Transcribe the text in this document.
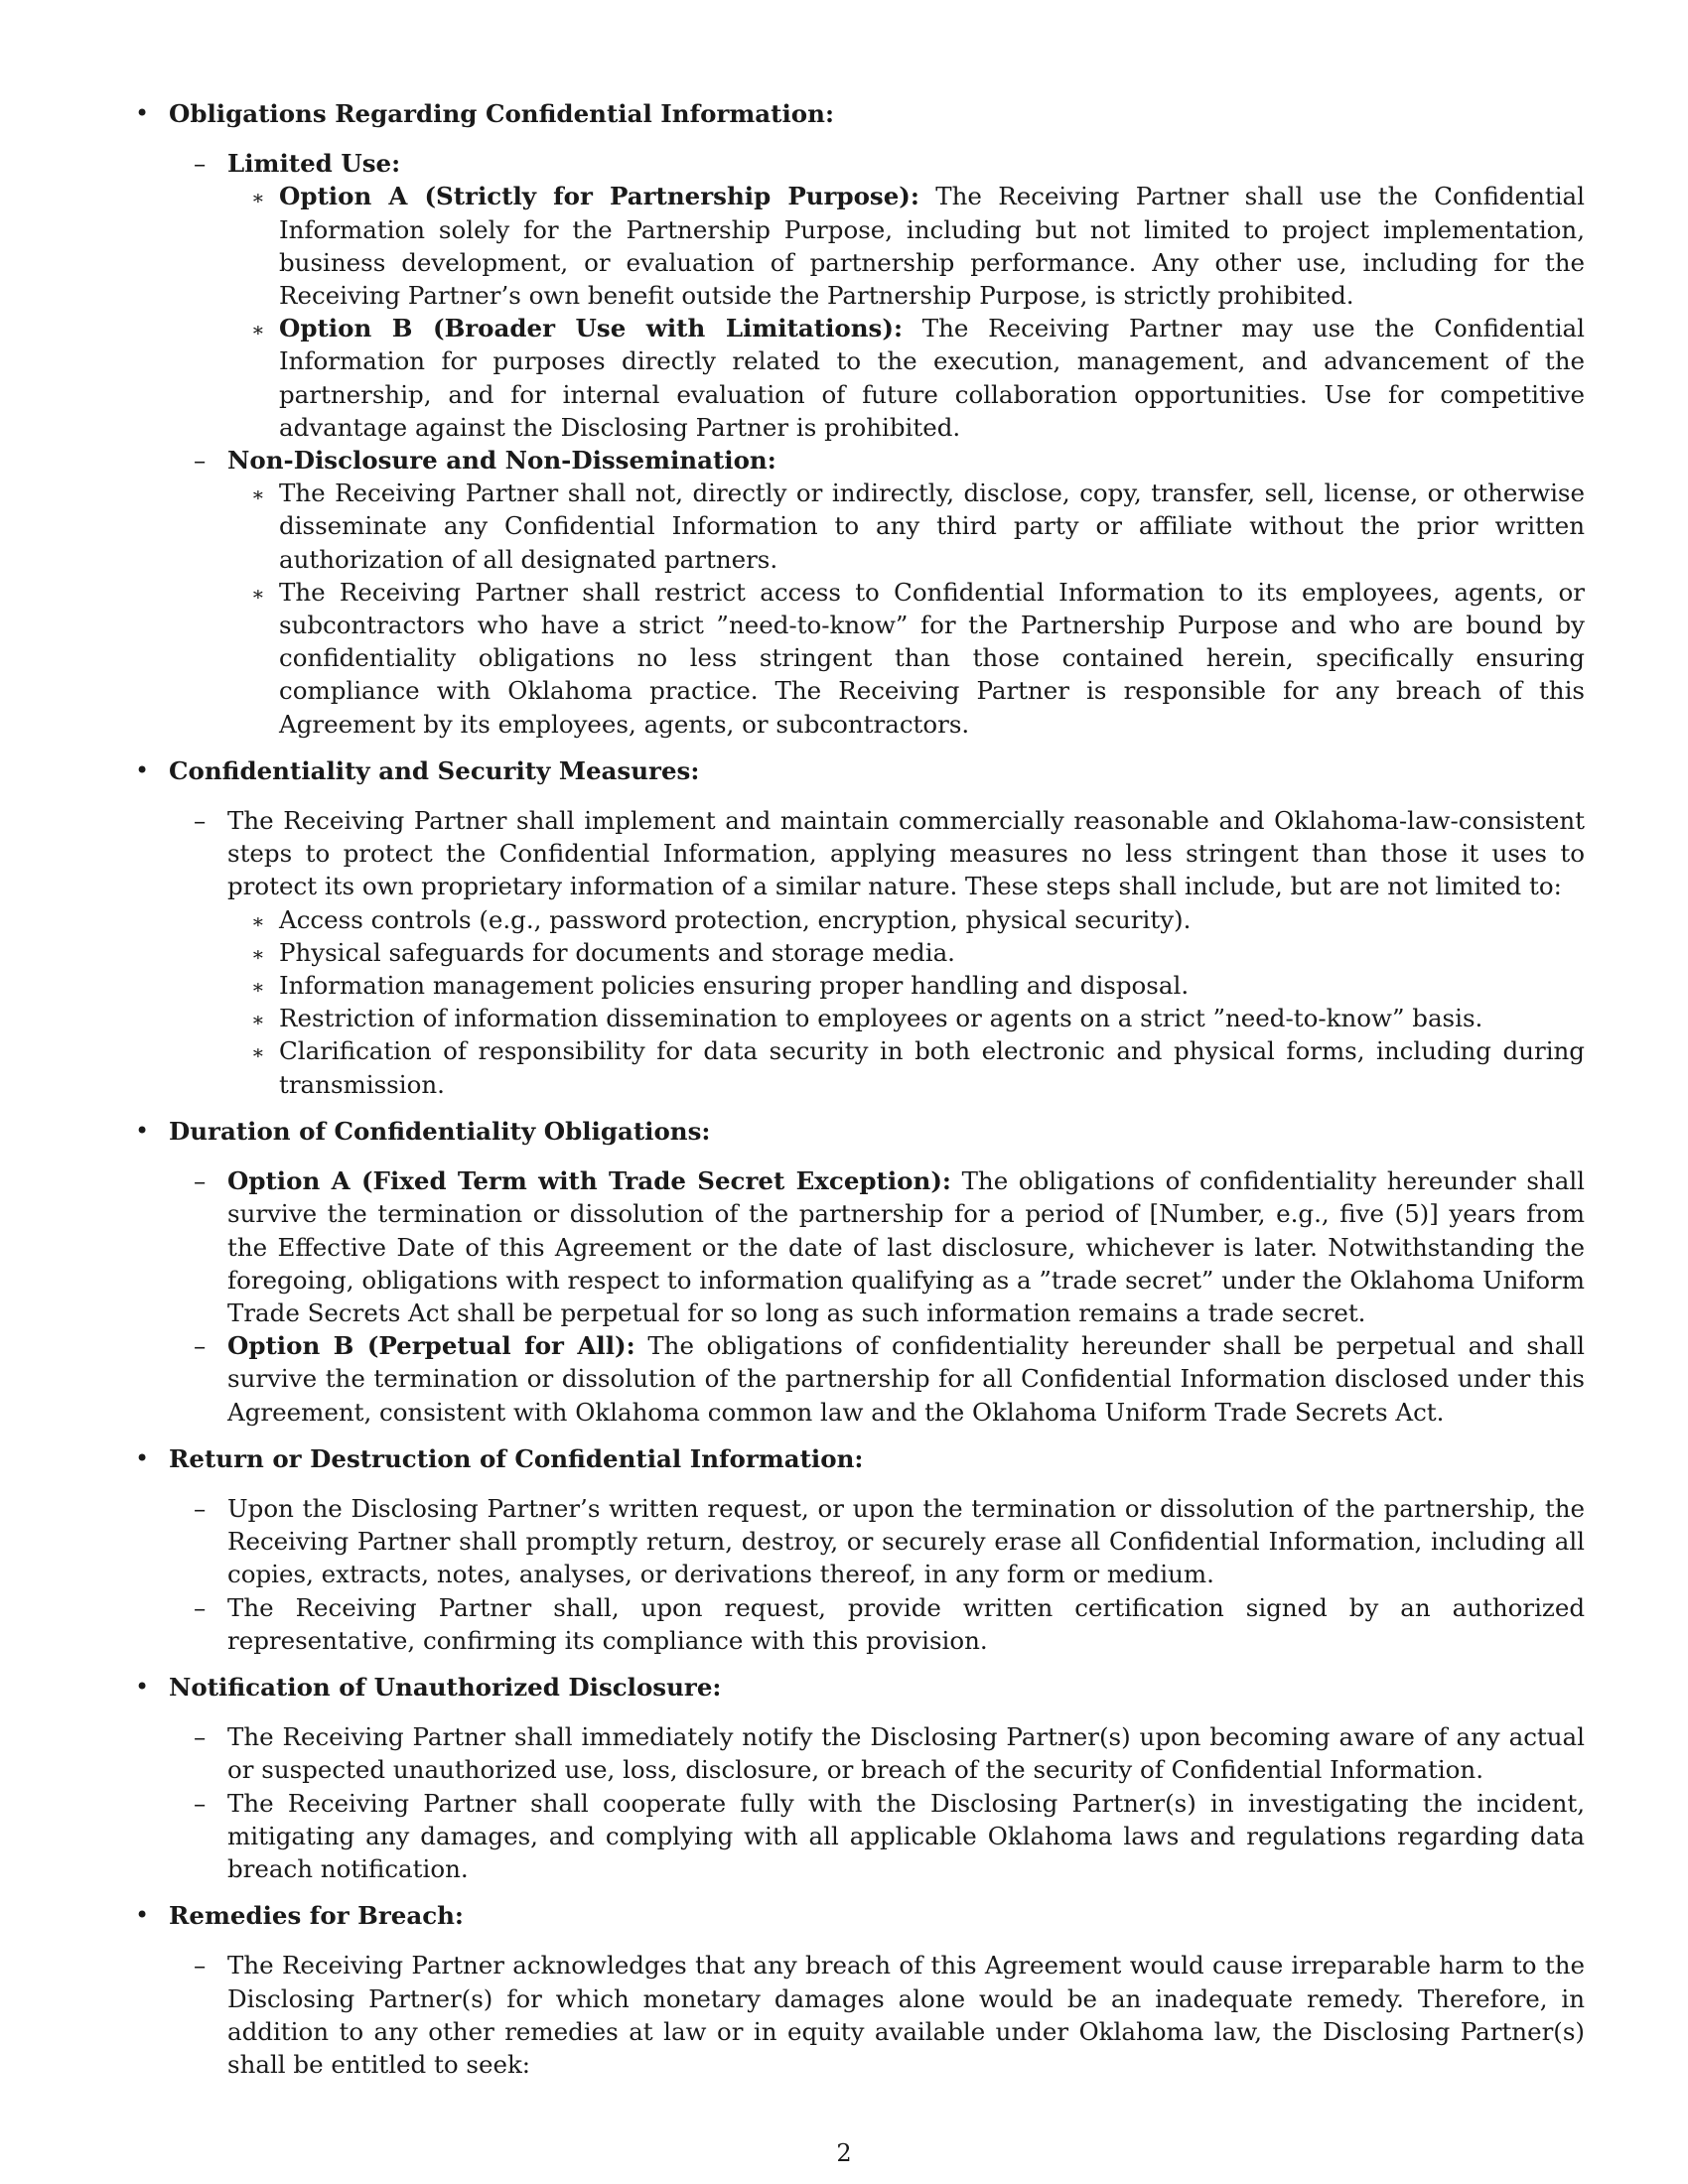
• Obligations Regarding Confidential Information:
– Limited Use:
∗ Option A (Strictly for Partnership Purpose): The Receiving Partner shall use the Confidential Information solely for the Partnership Purpose, including but not limited to project implementation, business development, or evaluation of partnership performance. Any other use, including for the Receiving Partner’s own benefit outside the Partnership Purpose, is strictly prohibited.
∗ Option B (Broader Use with Limitations): The Receiving Partner may use the Confidential Information for purposes directly related to the execution, management, and advancement of the partnership, and for internal evaluation of future collaboration opportunities. Use for competitive advantage against the Disclosing Partner is prohibited.
– Non-Disclosure and Non-Dissemination:
∗ The Receiving Partner shall not, directly or indirectly, disclose, copy, transfer, sell, license, or otherwise disseminate any Confidential Information to any third party or affiliate without the prior written authorization of all designated partners.
∗ The Receiving Partner shall restrict access to Confidential Information to its employees, agents, or subcontractors who have a strict ”need-to-know” for the Partnership Purpose and who are bound by confidentiality obligations no less stringent than those contained herein, specifically ensuring compliance with Oklahoma practice. The Receiving Partner is responsible for any breach of this Agreement by its employees, agents, or subcontractors.
• Confidentiality and Security Measures:
– The Receiving Partner shall implement and maintain commercially reasonable and Oklahoma-law-consistent steps to protect the Confidential Information, applying measures no less stringent than those it uses to protect its own proprietary information of a similar nature. These steps shall include, but are not limited to:
∗ Access controls (e.g., password protection, encryption, physical security).
∗ Physical safeguards for documents and storage media.
∗ Information management policies ensuring proper handling and disposal.
∗ Restriction of information dissemination to employees or agents on a strict ”need-to-know” basis.
∗ Clarification of responsibility for data security in both electronic and physical forms, including during transmission.
• Duration of Confidentiality Obligations:
– Option A (Fixed Term with Trade Secret Exception): The obligations of confidentiality hereunder shall survive the termination or dissolution of the partnership for a period of [Number, e.g., five (5)] years from the Effective Date of this Agreement or the date of last disclosure, whichever is later. Notwithstanding the foregoing, obligations with respect to information qualifying as a ”trade secret” under the Oklahoma Uniform Trade Secrets Act shall be perpetual for so long as such information remains a trade secret.
– Option B (Perpetual for All): The obligations of confidentiality hereunder shall be perpetual and shall survive the termination or dissolution of the partnership for all Confidential Information disclosed under this Agreement, consistent with Oklahoma common law and the Oklahoma Uniform Trade Secrets Act.
• Return or Destruction of Confidential Information:
– Upon the Disclosing Partner’s written request, or upon the termination or dissolution of the partnership, the Receiving Partner shall promptly return, destroy, or securely erase all Confidential Information, including all copies, extracts, notes, analyses, or derivations thereof, in any form or medium.
– The Receiving Partner shall, upon request, provide written certification signed by an authorized representative, confirming its compliance with this provision.
• Notification of Unauthorized Disclosure:
– The Receiving Partner shall immediately notify the Disclosing Partner(s) upon becoming aware of any actual or suspected unauthorized use, loss, disclosure, or breach of the security of Confidential Information.
– The Receiving Partner shall cooperate fully with the Disclosing Partner(s) in investigating the incident, mitigating any damages, and complying with all applicable Oklahoma laws and regulations regarding data breach notification.
• Remedies for Breach:
– The Receiving Partner acknowledges that any breach of this Agreement would cause irreparable harm to the Disclosing Partner(s) for which monetary damages alone would be an inadequate remedy. Therefore, in addition to any other remedies at law or in equity available under Oklahoma law, the Disclosing Partner(s) shall be entitled to seek:
2
